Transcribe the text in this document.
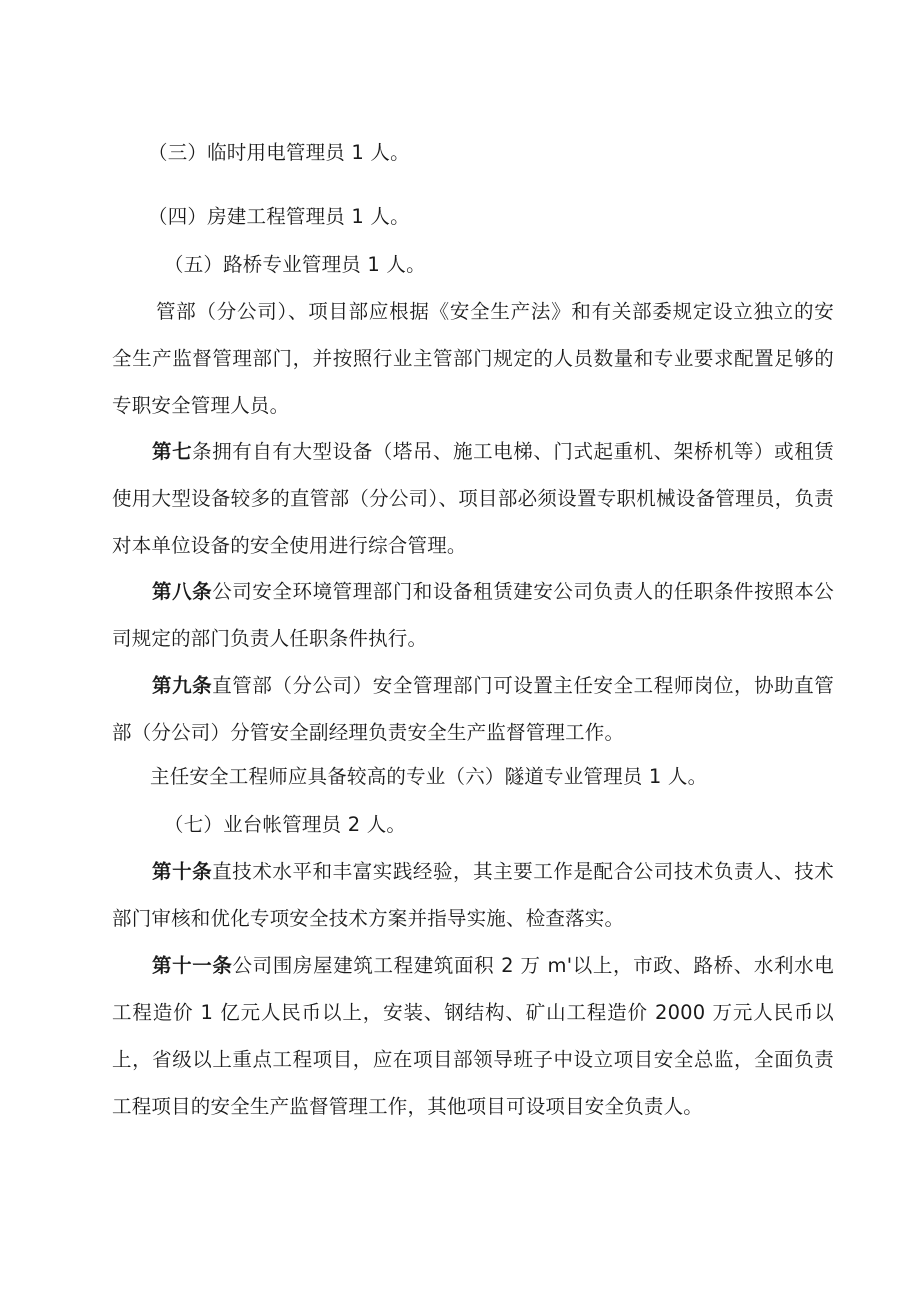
（三）临时用电管理员 1 人。
（四）房建工程管理员 1 人。
（五）路桥专业管理员 1 人。

管部（分公司）、项目部应根据《安全生产法》和有关部委规定设立独立的安全生产监督管理部门，并按照行业主管部门规定的人员数量和专业要求配置足够的专职安全管理人员。

第七条拥有自有大型设备（塔吊、施工电梯、门式起重机、架桥机等）或租赁使用大型设备较多的直管部（分公司）、项目部必须设置专职机械设备管理员，负责对本单位设备的安全使用进行综合管理。

第八条公司安全环境管理部门和设备租赁建安公司负责人的任职条件按照本公司规定的部门负责人任职条件执行。

第九条直管部（分公司）安全管理部门可设置主任安全工程师岗位，协助直管部（分公司）分管安全副经理负责安全生产监督管理工作。

主任安全工程师应具备较高的专业（六）隧道专业管理员 1 人。
（七）业台帐管理员 2 人。

第十条直技术水平和丰富实践经验，其主要工作是配合公司技术负责人、技术部门审核和优化专项安全技术方案并指导实施、检查落实。

第十一条公司围房屋建筑工程建筑面积 2 万 m'以上，市政、路桥、水利水电工程造价 1 亿元人民币以上，安装、钢结构、矿山工程造价 2000 万元人民币以上，省级以上重点工程项目，应在项目部领导班子中设立项目安全总监，全面负责工程项目的安全生产监督管理工作，其他项目可设项目安全负责人。
